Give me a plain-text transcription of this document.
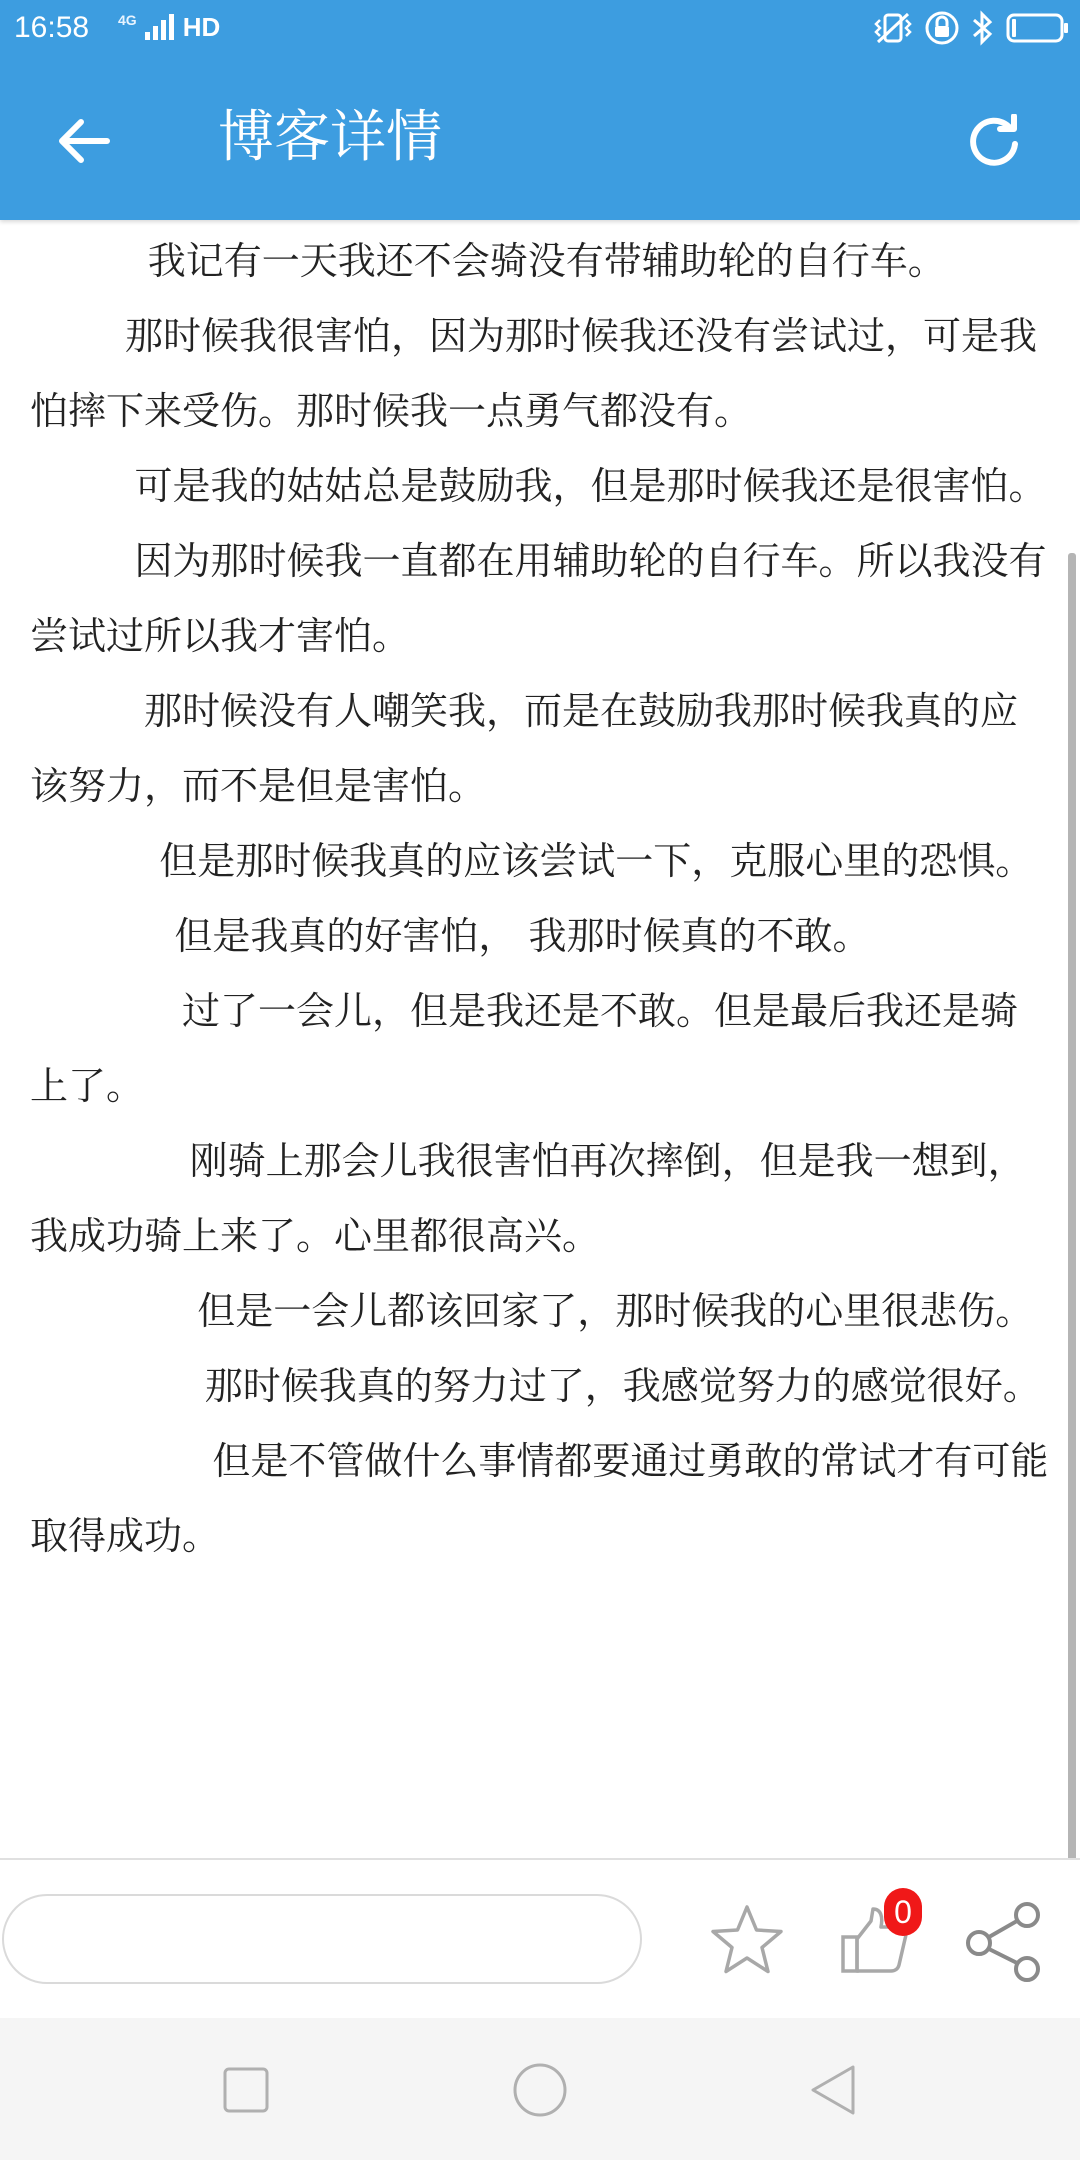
16:58 4G HD
博客详情

我记有一天我还不会骑没有带辅助轮的自行车。

那时候我很害怕，因为那时候我还没有尝试过，可是我怕摔下来受伤。那时候我一点勇气都没有。

可是我的姑姑总是鼓励我，但是那时候我还是很害怕。

因为那时候我一直都在用辅助轮的自行车。所以我没有尝试过所以我才害怕。

那时候没有人嘲笑我，而是在鼓励我那时候我真的应该努力，而不是但是害怕。

但是那时候我真的应该尝试一下，克服心里的恐惧。

但是我真的好害怕， 我那时候真的不敢。

过了一会儿，但是我还是不敢。但是最后我还是骑上了。

刚骑上那会儿我很害怕再次摔倒，但是我一想到，我成功骑上来了。心里都很高兴。

但是一会儿都该回家了，那时候我的心里很悲伤。

那时候我真的努力过了，我感觉努力的感觉很好。

但是不管做什么事情都要通过勇敢的常试才有可能取得成功。

0
